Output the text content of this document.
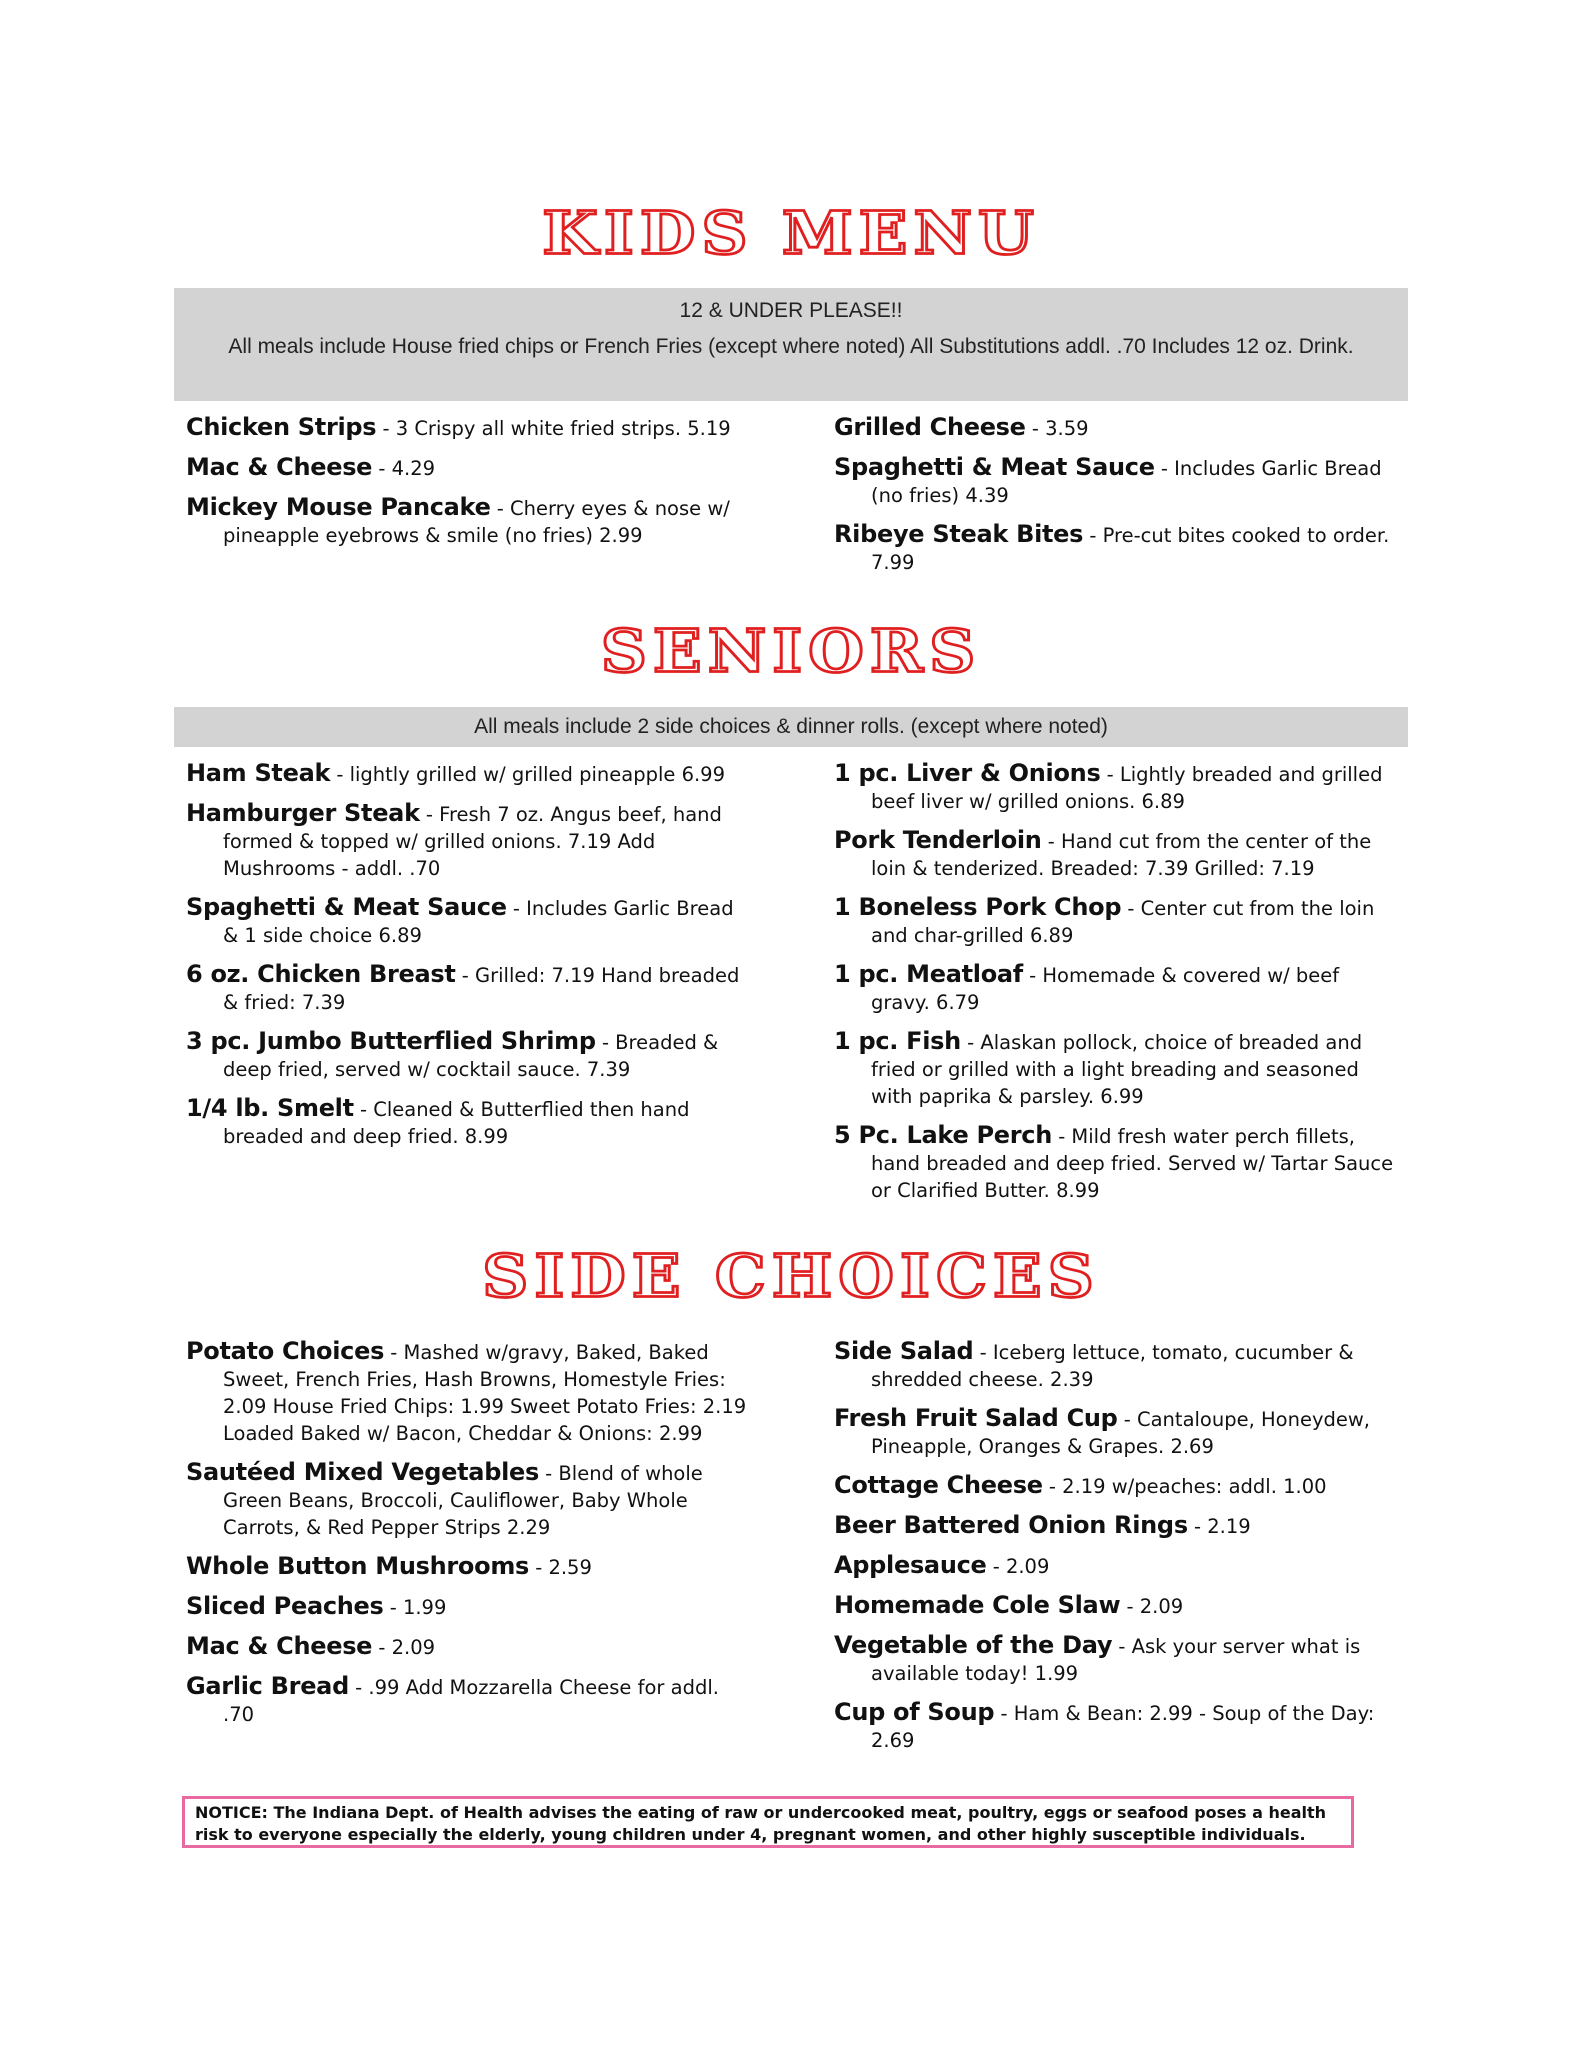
KIDS MENU

12 & UNDER PLEASE!!

All meals include House fried chips or French Fries (except where noted) All Substitutions addl. .70 Includes 12 oz. Drink.

Chicken Strips - 3 Crispy all white fried strips. 5.19

Mac & Cheese - 4.29

Mickey Mouse Pancake - Cherry eyes & nose w/ pineapple eyebrows & smile (no fries) 2.99

Grilled Cheese - 3.59

Spaghetti & Meat Sauce - Includes Garlic Bread (no fries) 4.39

Ribeye Steak Bites - Pre-cut bites cooked to order. 7.99

SENIORS

All meals include 2 side choices & dinner rolls. (except where noted)

Ham Steak - lightly grilled w/ grilled pineapple 6.99

Hamburger Steak - Fresh 7 oz. Angus beef, hand formed & topped w/ grilled onions. 7.19 Add Mushrooms - addl. .70

Spaghetti & Meat Sauce - Includes Garlic Bread & 1 side choice 6.89

6 oz. Chicken Breast - Grilled: 7.19 Hand breaded & fried: 7.39

3 pc. Jumbo Butterflied Shrimp - Breaded & deep fried, served w/ cocktail sauce. 7.39

1/4 lb. Smelt - Cleaned & Butterflied then hand breaded and deep fried. 8.99

1 pc. Liver & Onions - Lightly breaded and grilled beef liver w/ grilled onions. 6.89

Pork Tenderloin - Hand cut from the center of the loin & tenderized. Breaded: 7.39 Grilled: 7.19

1 Boneless Pork Chop - Center cut from the loin and char-grilled 6.89

1 pc. Meatloaf - Homemade & covered w/ beef gravy. 6.79

1 pc. Fish - Alaskan pollock, choice of breaded and fried or grilled with a light breading and seasoned with paprika & parsley. 6.99

5 Pc. Lake Perch - Mild fresh water perch fillets, hand breaded and deep fried. Served w/ Tartar Sauce or Clarified Butter. 8.99

SIDE CHOICES

Potato Choices - Mashed w/gravy, Baked, Baked Sweet, French Fries, Hash Browns, Homestyle Fries: 2.09 House Fried Chips: 1.99 Sweet Potato Fries: 2.19 Loaded Baked w/ Bacon, Cheddar & Onions: 2.99

Sautéed Mixed Vegetables - Blend of whole Green Beans, Broccoli, Cauliflower, Baby Whole Carrots, & Red Pepper Strips 2.29

Whole Button Mushrooms - 2.59

Sliced Peaches - 1.99

Mac & Cheese - 2.09

Garlic Bread - .99 Add Mozzarella Cheese for addl. .70

Side Salad - Iceberg lettuce, tomato, cucumber & shredded cheese. 2.39

Fresh Fruit Salad Cup - Cantaloupe, Honeydew, Pineapple, Oranges & Grapes. 2.69

Cottage Cheese - 2.19 w/peaches: addl. 1.00

Beer Battered Onion Rings - 2.19

Applesauce - 2.09

Homemade Cole Slaw - 2.09

Vegetable of the Day - Ask your server what is available today! 1.99

Cup of Soup - Ham & Bean: 2.99 - Soup of the Day: 2.69

NOTICE: The Indiana Dept. of Health advises the eating of raw or undercooked meat, poultry, eggs or seafood poses a health risk to everyone especially the elderly, young children under 4, pregnant women, and other highly susceptible individuals.
